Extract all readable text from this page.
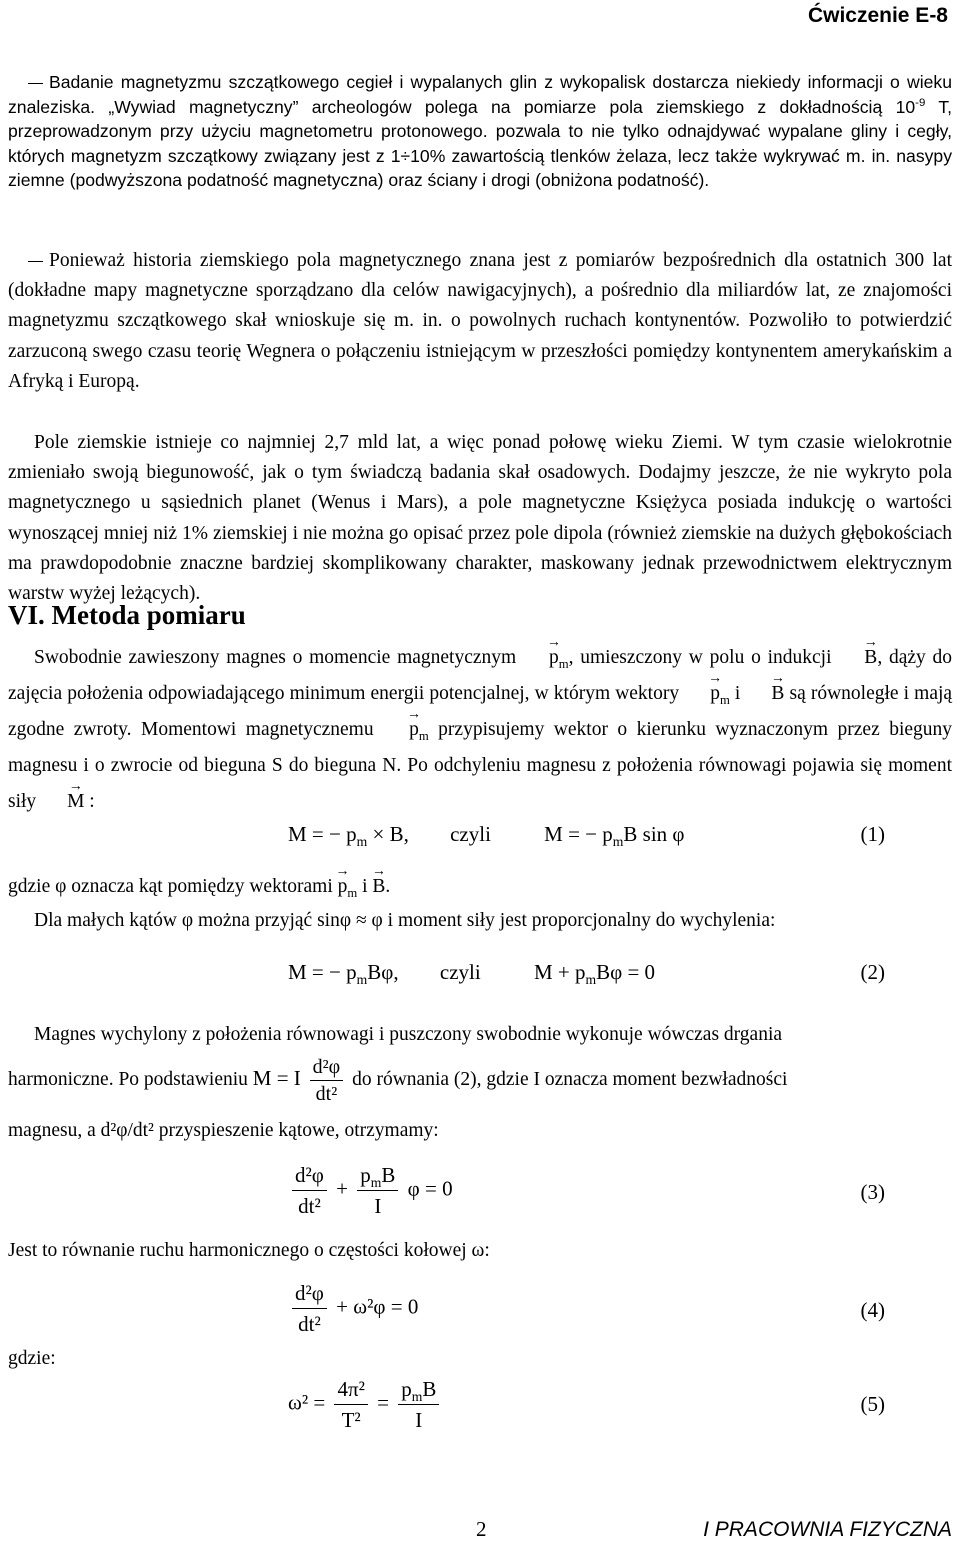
Ćwiczenie E-8

Badanie magnetyzmu szczątkowego cegieł i wypalanych glin z wykopalisk dostarcza niekiedy informacji o wieku znaleziska. „Wywiad magnetyczny” archeologów polega na pomiarze pola ziemskiego z dokładnością $10^{-9}$ T, przeprowadzonym przy użyciu magnetometru protonowego. pozwala to nie tylko odnajdywać wypalane gliny i cegły, których magnetyzm szczątkowy związany jest z 1÷10% zawartością tlenków żelaza, lecz także wykrywać m. in. nasypy ziemne (podwyższona podatność magnetyczna) oraz ściany i drogi (obniżona podatność).

Ponieważ historia ziemskiego pola magnetycznego znana jest z pomiarów bezpośrednich dla ostatnich 300 lat (dokładne mapy magnetyczne sporządzano dla celów nawigacyjnych), a pośrednio dla miliardów lat, ze znajomości magnetyzmu szczątkowego skał wnioskuje się m. in. o powolnych ruchach kontynentów. Pozwoliło to potwierdzić zarzuconą swego czasu teorię Wegnera o połączeniu istniejącym w przeszłości pomiędzy kontynentem amerykańskim a Afryką i Europą.

Pole ziemskie istnieje co najmniej 2,7 mld lat, a więc ponad połowę wieku Ziemi. W tym czasie wielokrotnie zmieniało swoją biegunowość, jak o tym świadczą badania skał osadowych. Dodajmy jeszcze, że nie wykryto pola magnetycznego u sąsiednich planet (Wenus i Mars), a pole magnetyczne Księżyca posiada indukcję o wartości wynoszącej mniej niż 1% ziemskiej i nie można go opisać przez pole dipola (również ziemskie na dużych głębokościach ma prawdopodobnie znaczne bardziej skomplikowany charakter, maskowany jednak przewodnictwem elektrycznym warstw wyżej leżących).

VI. Metoda pomiaru

Swobodnie zawieszony magnes o momencie magnetycznym → $p_m$, umieszczony w polu o indukcji → B, dąży do zajęcia położenia odpowiadającego minimum energii potencjalnej, w którym wektory → $p_m$ i → B są równoległe i mają zgodne zwroty. Momentowi magnetycznemu → $p_m$ przypisujemy wektor o kierunku wyznaczonym przez bieguny magnesu i o zwrocie od bieguna S do bieguna N. Po odchyleniu magnesu z położenia równowagi pojawia się moment siły → M :

M = − $p_m \times B$, czyli	M = − $p_mB$ sin φ	(1)

gdzie φ oznacza kąt pomiędzy wektorami → $p_m$ i → B.

Dla małych kątów φ można przyjąć sinφ ≈ φ i moment siły jest proporcjonalny do wychylenia:

M = − $p_mB\varphi$, czyli	$M + p_mB\varphi = 0$	(2)

Magnes wychylony z położenia równowagi i puszczony swobodnie wykonuje wówczas drgania

harmoniczne. Po podstawieniu M = I $\frac{\text{d²φ}}{\text{dt²}}$ do równania (2), gdzie I oznacza moment bezwładności

magnesu, a d²φ/dt² przyspieszenie kątowe, otrzymamy:

$\frac{\text{d²φ}}{\text{dt²}} + \frac{p_mB}{I}$ φ = 0	(3)

Jest to równanie ruchu harmonicznego o częstości kołowej ω:

$\frac{\text{d²φ}}{\text{dt²}} + \omega^2\varphi = 0$	(4)

gdzie:

$\omega^2 = \frac{\text{4π²}}{\text{T²}} = \frac{p_mB}{I}$	(5)
2	I PRACOWNIA FIZYCZNA
